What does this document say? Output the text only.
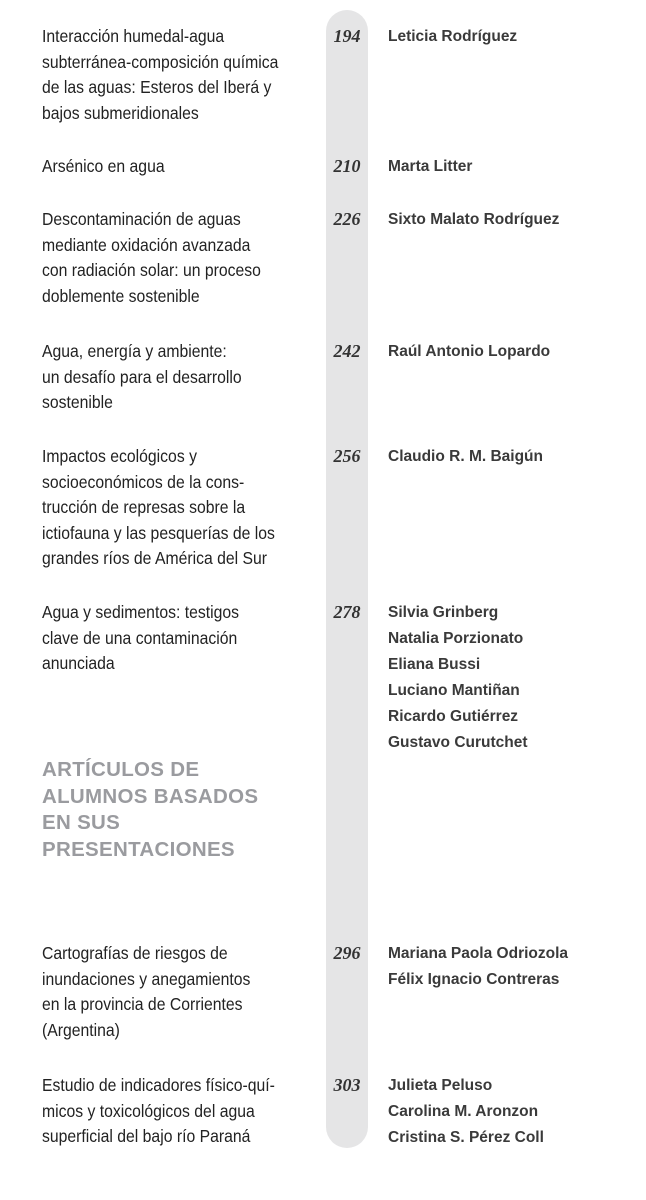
Interacción humedal-agua
subterránea-composición química
de las aguas: Esteros del Iberá y
bajos submeridionales
194	Leticia Rodríguez
Arsénico en agua	210	Marta Litter
Descontaminación de aguas
mediante oxidación avanzada
con radiación solar: un proceso
doblemente sostenible
226	Sixto Malato Rodríguez
Agua, energía y ambiente:
un desafío para el desarrollo
sostenible
242	Raúl Antonio Lopardo
Impactos ecológicos y
socioeconómicos de la cons-
trucción de represas sobre la
ictiofauna y las pesquerías de los
grandes ríos de América del Sur
256	Claudio R. M. Baigún
Agua y sedimentos: testigos
clave de una contaminación
anunciada
278	Silvia Grinberg
Natalia Porzionato
Eliana Bussi
Luciano Mantiñan
Ricardo Gutiérrez
Gustavo Curutchet
ARTÍCULOS DE
ALUMNOS BASADOS
EN SUS
PRESENTACIONES
Cartografías de riesgos de
inundaciones y anegamientos
en la provincia de Corrientes
(Argentina)
296	Mariana Paola Odriozola
Félix Ignacio Contreras
Estudio de indicadores físico-quí-
micos y toxicológicos del agua
superficial del bajo río Paraná
303	Julieta Peluso
Carolina M. Aronzon
Cristina S. Pérez Coll
